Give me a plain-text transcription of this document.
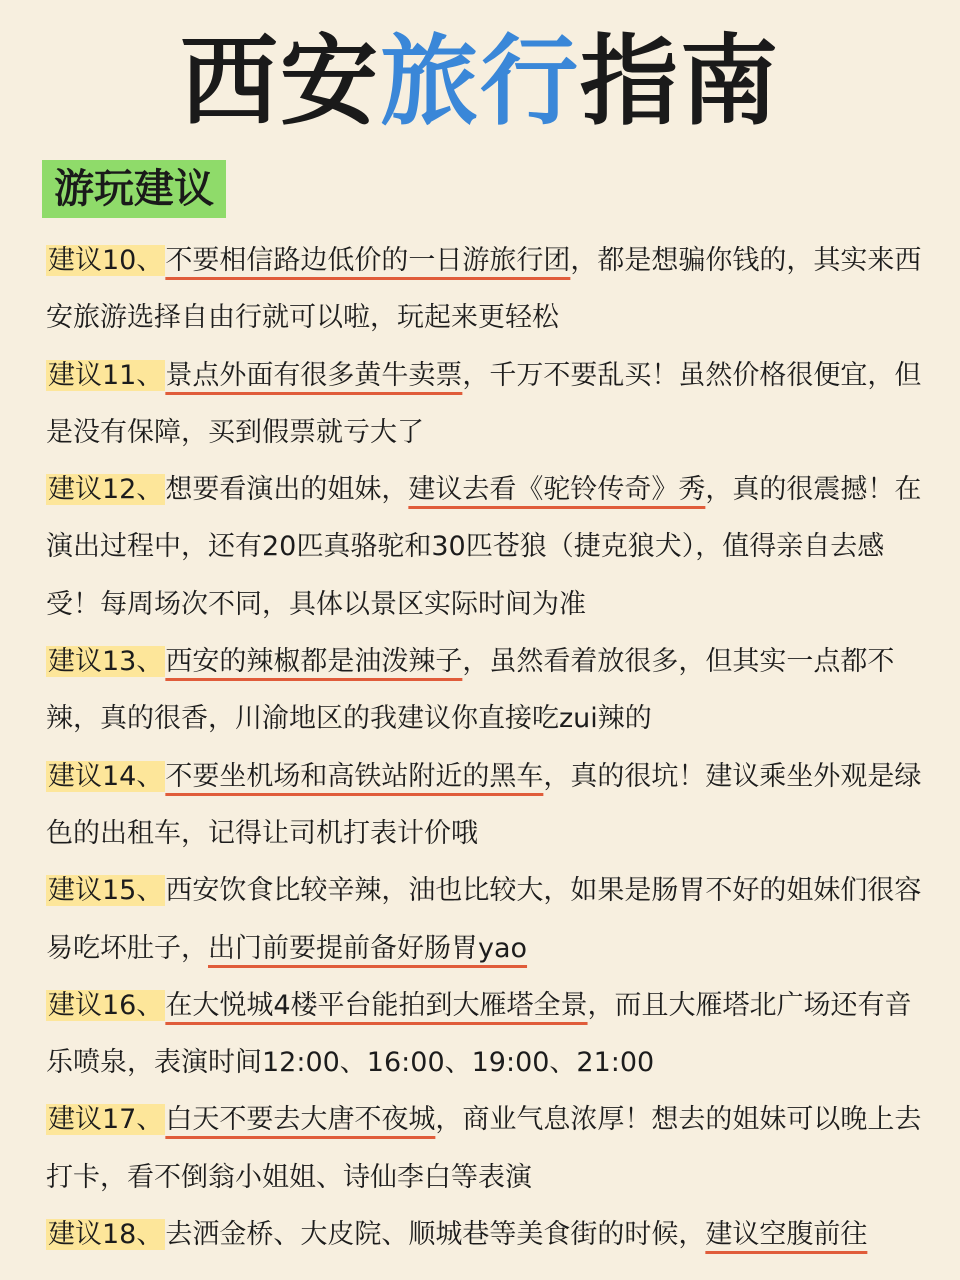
西安旅行指南
游玩建议

建议10、不要相信路边低价的一日游旅行团，都是想骗你钱的，其实来西安旅游选择自由行就可以啦，玩起来更轻松

建议11、景点外面有很多黄牛卖票，千万不要乱买！虽然价格很便宜，但是没有保障，买到假票就亏大了

建议12、想要看演出的姐妹，建议去看《驼铃传奇》秀，真的很震撼！在演出过程中，还有20匹真骆驼和30匹苍狼（捷克狼犬），值得亲自去感受！每周场次不同，具体以景区实际时间为准

建议13、西安的辣椒都是油泼辣子，虽然看着放很多，但其实一点都不辣，真的很香，川渝地区的我建议你直接吃zui辣的

建议14、不要坐机场和高铁站附近的黑车，真的很坑！建议乘坐外观是绿色的出租车，记得让司机打表计价哦

建议15、西安饮食比较辛辣，油也比较大，如果是肠胃不好的姐妹们很容易吃坏肚子，出门前要提前备好肠胃yao

建议16、在大悦城4楼平台能拍到大雁塔全景，而且大雁塔北广场还有音乐喷泉，表演时间12:00、16:00、19:00、21:00

建议17、白天不要去大唐不夜城，商业气息浓厚！想去的姐妹可以晚上去打卡，看不倒翁小姐姐、诗仙李白等表演

建议18、去洒金桥、大皮院、顺城巷等美食街的时候，建议空腹前往
